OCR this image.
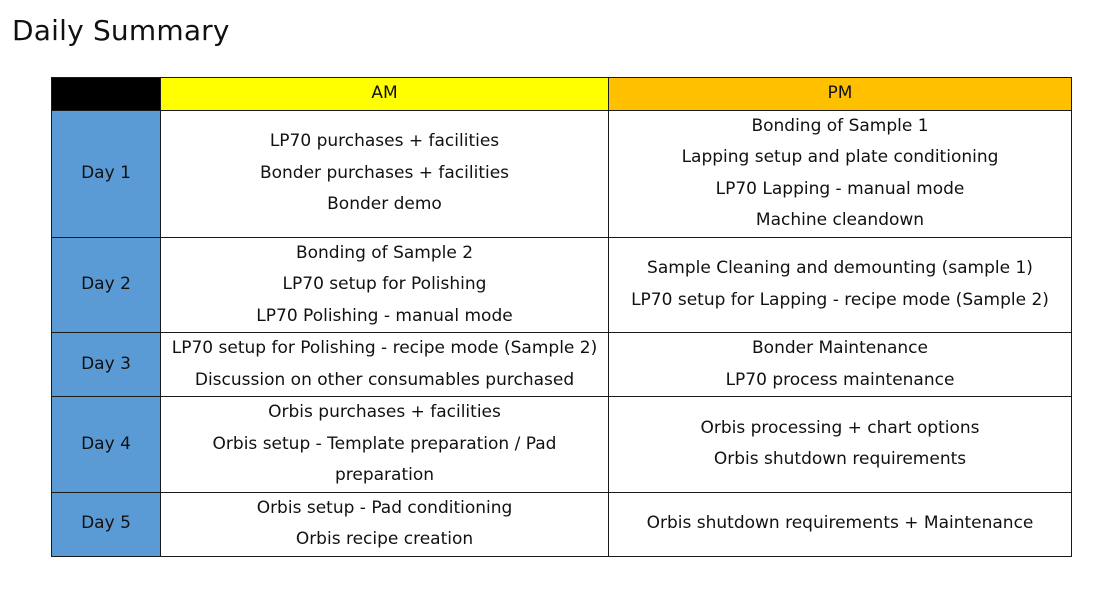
Daily Summary
	AM	PM
Day 1	LP70 purchases + facilities
Bonder purchases + facilities
Bonder demo	Bonding of Sample 1
Lapping setup and plate conditioning
LP70 Lapping - manual mode
Machine cleandown

Day 2	Bonding of Sample 2
LP70 setup for Polishing
LP70 Polishing - manual mode	Sample Cleaning and demounting (sample 1)
LP70 setup for Lapping - recipe mode (Sample 2)

Day 3	LP70 setup for Polishing - recipe mode (Sample 2)
Discussion on other consumables purchased	Bonder Maintenance
LP70 process maintenance

Day 4	Orbis purchases + facilities
Orbis setup - Template preparation / Pad
preparation	Orbis processing + chart options
Orbis shutdown requirements

Day 5	Orbis setup - Pad conditioning
Orbis recipe creation	Orbis shutdown requirements + Maintenance
